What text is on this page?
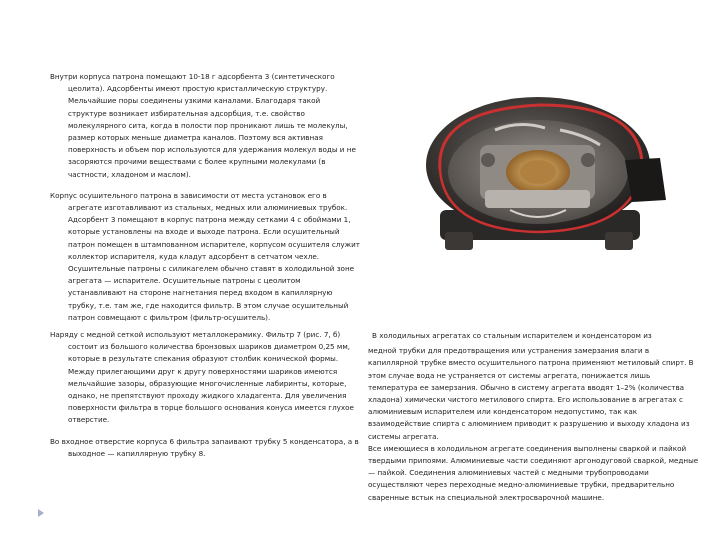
Внутри корпуса патрона помещают 10-18 г адсорбента 3 (синтетического цеолита). Адсорбенты имеют простую кристаллическую структуру. Мельчайшие поры соединены узкими каналами. Благодаря такой структуре возникает избирательная адсорбция, т.е. свойство молекулярного сита, когда в полости пор проникают лишь те молекулы, размер которых меньше диаметра каналов. Поэтому вся активная поверхность и объем пор используются для удержания молекул воды и не засоряются прочими веществами с более крупными молекулами (в частности, хладоном и маслом).

Корпус осушительного патрона в зависимости от места установок его в агрегате изготавливают из стальных, медных или алюминиевых трубок. Адсорбент 3 помещают в корпус патрона между сетками 4 с обоймами 1, которые установлены на входе и выходе патрона. Если осушительный патрон помещен в штампованном испарителе, корпусом осушителя служит коллектор испарителя, куда кладут адсорбент в сетчатом чехле. Осушительные патроны с силикагелем обычно ставят в холодильной зоне агрегата — испарителе. Осушительные патроны с цеолитом устанавливают на стороне нагнетания перед входом в капиллярную трубку, т.е. там же, где находится фильтр. В этом случае осушительный патрон совмещают с фильтром (фильтр-осушитель).

Наряду с медной сеткой используют металлокерамику. Фильтр 7 (рис. 7, б) состоит из большого количества бронзовых шариков диаметром 0,25 мм, которые в результате спекания образуют столбик конической формы. Между прилегающими друг к другу поверхностями шариков имеются мельчайшие зазоры, образующие многочисленные лабиринты, которые, однако, не препятствуют проходу жидкого хладагента. Для увеличения поверхности фильтра в торце большого основания конуса имеется глухое отверстие.

Во входное отверстие корпуса 6 фильтра запаивают трубку 5 конденсатора, а в выходное — капиллярную трубку 8.

В холодильных агрегатах со стальным испарителем и конденсатором из

медной трубки для предотвращения или устранения замерзания влаги в капиллярной трубке вместо осушительного патрона применяют метиловый спирт. В этом случае вода не устраняется от системы агрегата, понижается лишь температура ее замерзания. Обычно в систему агрегата вводят 1–2% (количества хладона) химически чистого метилового спирта. Его использование в агрегатах с алюминиевым испарителем или конденсатором недопустимо, так как взаимодействие спирта с алюминием приводит к разрушению и выходу хладона из системы агрегата.
Все имеющиеся в холодильном агрегате соединения выполнены сваркой и пайкой твердыми припоями. Алюминиевые части соединяют аргонодуговой сваркой, медные — пайкой. Соединения алюминиевых частей с медными трубопроводами осуществляют через переходные медно-алюминиевые трубки, предварительно сваренные встык на специальной электросварочной машине.
